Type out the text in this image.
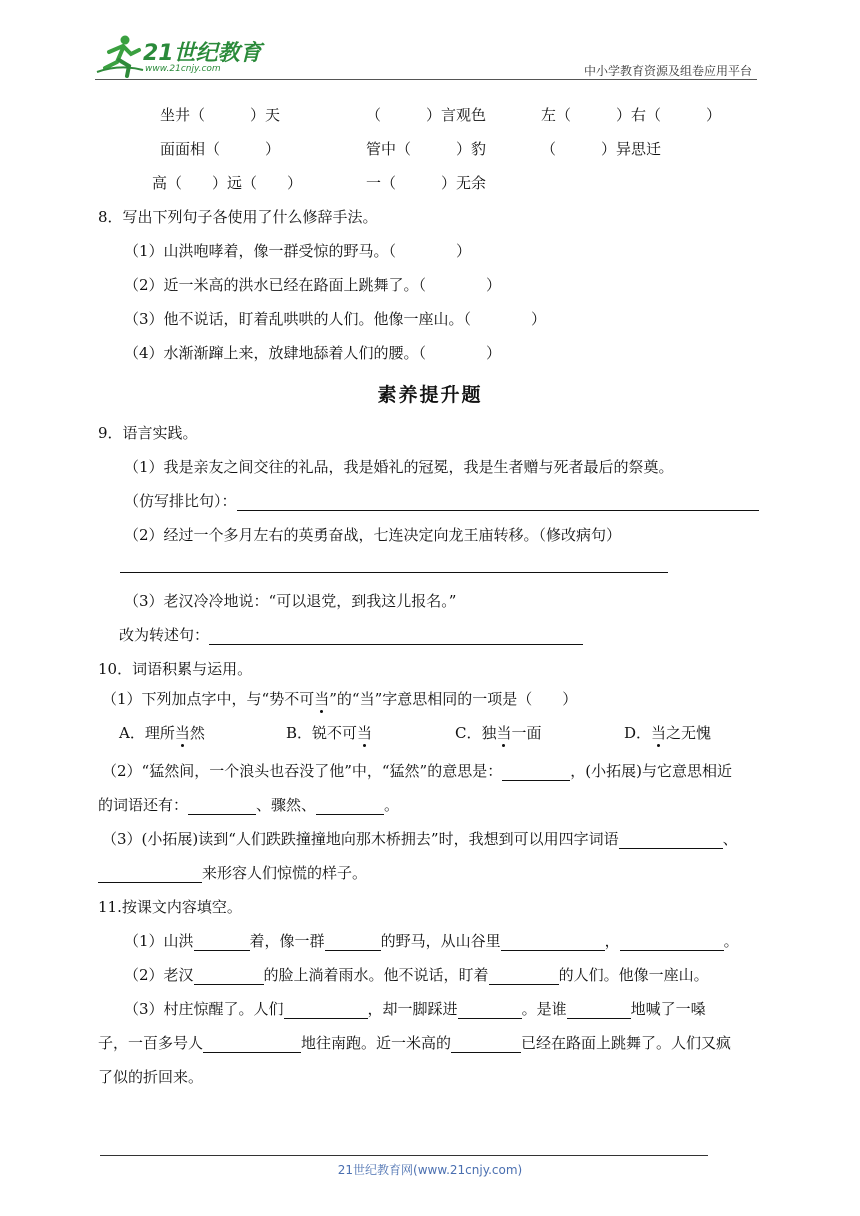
21世纪教育
www.21cnjy.com	中小学教育资源及组卷应用平台
坐井（　　　）天	（　　　）言观色	左（　　　）右（　　　）
面面相（　　　）	管中（　　　）豹	（　　　）异思迁
高（　　）远（　　）	一（　　　）无余
8．写出下列句子各使用了什么修辞手法。
（1）山洪咆哮着，像一群受惊的野马。（　　　　）
（2）近一米高的洪水已经在路面上跳舞了。（　　　　）
（3）他不说话，盯着乱哄哄的人们。他像一座山。（　　　　）
（4）水渐渐蹿上来，放肆地舔着人们的腰。（　　　　）
素养提升题
9．语言实践。
（1）我是亲友之间交往的礼品，我是婚礼的冠冕，我是生者赠与死者最后的祭奠。
（仿写排比句）：
（2）经过一个多月左右的英勇奋战，七连决定向龙王庙转移。（修改病句）
（3）老汉冷冷地说：“可以退党，到我这儿报名。”
改为转述句：
10．词语积累与运用。
（1）下列加点字中，与“势不可当”的“当”字意思相同的一项是（　　）
A．理所当然	B．锐不可当	C．独当一面	D．当之无愧
（2）“猛然间，一个浪头也吞没了他”中，“猛然”的意思是：	，(小拓展)与它意思相近
的词语还有：	、骤然、	。
（3）(小拓展)读到“人们跌跌撞撞地向那木桥拥去”时，我想到可以用四字词语	、
来形容人们惊慌的样子。
11.按课文内容填空。
（1）山洪	着，像一群	的野马，从山谷里	，	。
（2）老汉	的脸上淌着雨水。他不说话，盯着	的人们。他像一座山。
（3）村庄惊醒了。人们	，却一脚踩进	。是谁	地喊了一嗓
子，一百多号人	地往南跑。近一米高的	已经在路面上跳舞了。人们又疯
了似的折回来。
21世纪教育网(www.21cnjy.com)
